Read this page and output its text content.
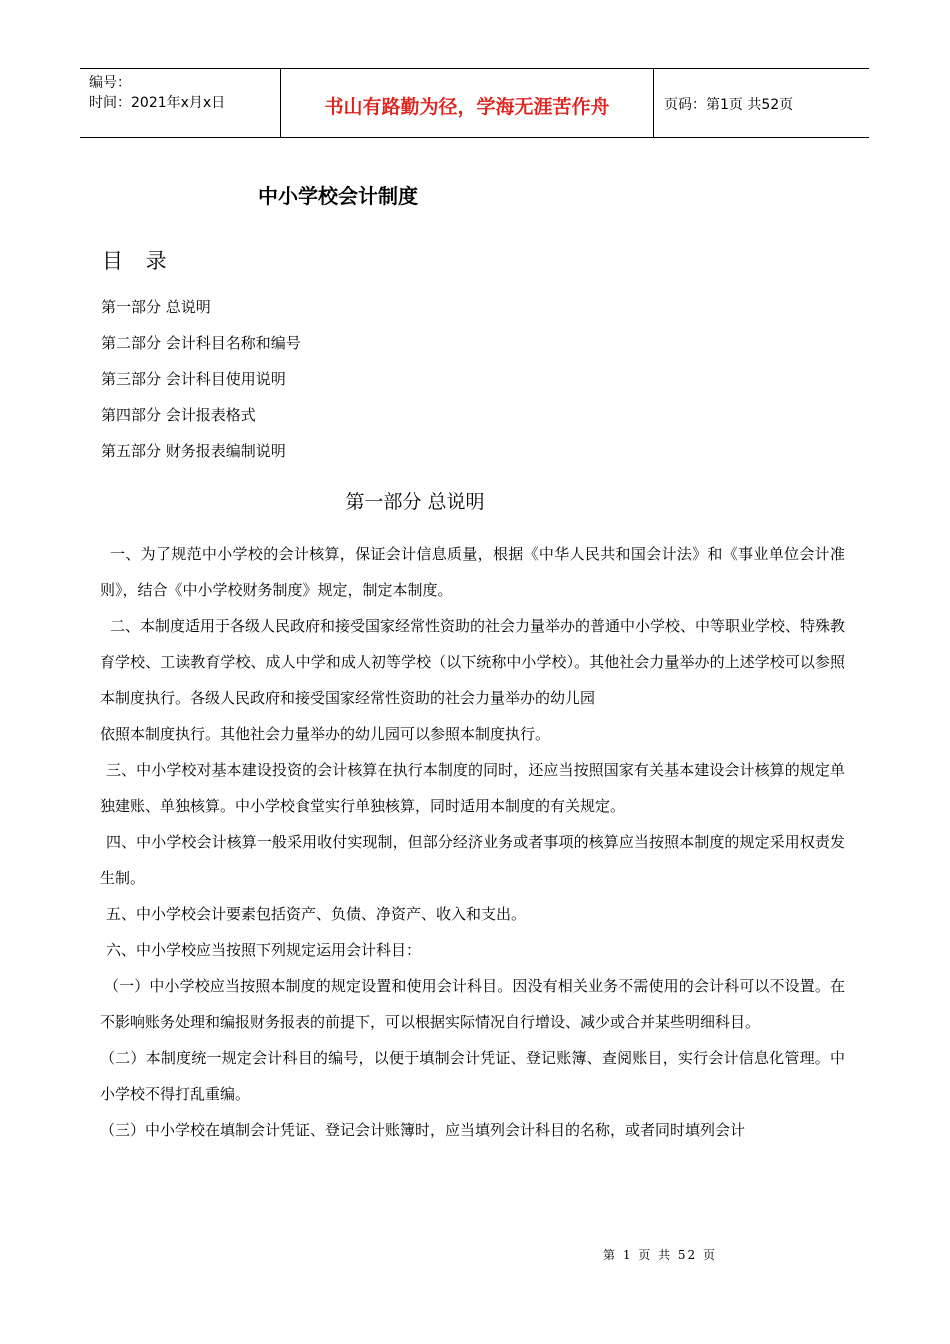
编号：
时间：2021年x月x日	书山有路勤为径，学海无涯苦作舟	页码：第1页 共52页
中小学校会计制度
目 录
第一部分 总说明
第二部分 会计科目名称和编号
第三部分 会计科目使用说明
第四部分 会计报表格式
第五部分 财务报表编制说明
第一部分 总说明

一、为了规范中小学校的会计核算，保证会计信息质量，根据《中华人民共和国会计法》和《事业单位会计准则》，结合《中小学校财务制度》规定，制定本制度。

二、本制度适用于各级人民政府和接受国家经常性资助的社会力量举办的普通中小学校、中等职业学校、特殊教育学校、工读教育学校、成人中学和成人初等学校（以下统称中小学校）。其他社会力量举办的上述学校可以参照本制度执行。各级人民政府和接受国家经常性资助的社会力量举办的幼儿园

依照本制度执行。其他社会力量举办的幼儿园可以参照本制度执行。

三、中小学校对基本建设投资的会计核算在执行本制度的同时，还应当按照国家有关基本建设会计核算的规定单独建账、单独核算。中小学校食堂实行单独核算，同时适用本制度的有关规定。

四、中小学校会计核算一般采用收付实现制，但部分经济业务或者事项的核算应当按照本制度的规定采用权责发生制。

五、中小学校会计要素包括资产、负债、净资产、收入和支出。

六、中小学校应当按照下列规定运用会计科目：

（一）中小学校应当按照本制度的规定设置和使用会计科目。因没有相关业务不需使用的会计科可以不设置。在不影响账务处理和编报财务报表的前提下，可以根据实际情况自行增设、减少或合并某些明细科目。

（二）本制度统一规定会计科目的编号，以便于填制会计凭证、登记账簿、查阅账目，实行会计信息化管理。中小学校不得打乱重编。

（三）中小学校在填制会计凭证、登记会计账簿时，应当填列会计科目的名称，或者同时填列会计

第 1 页 共 52 页
